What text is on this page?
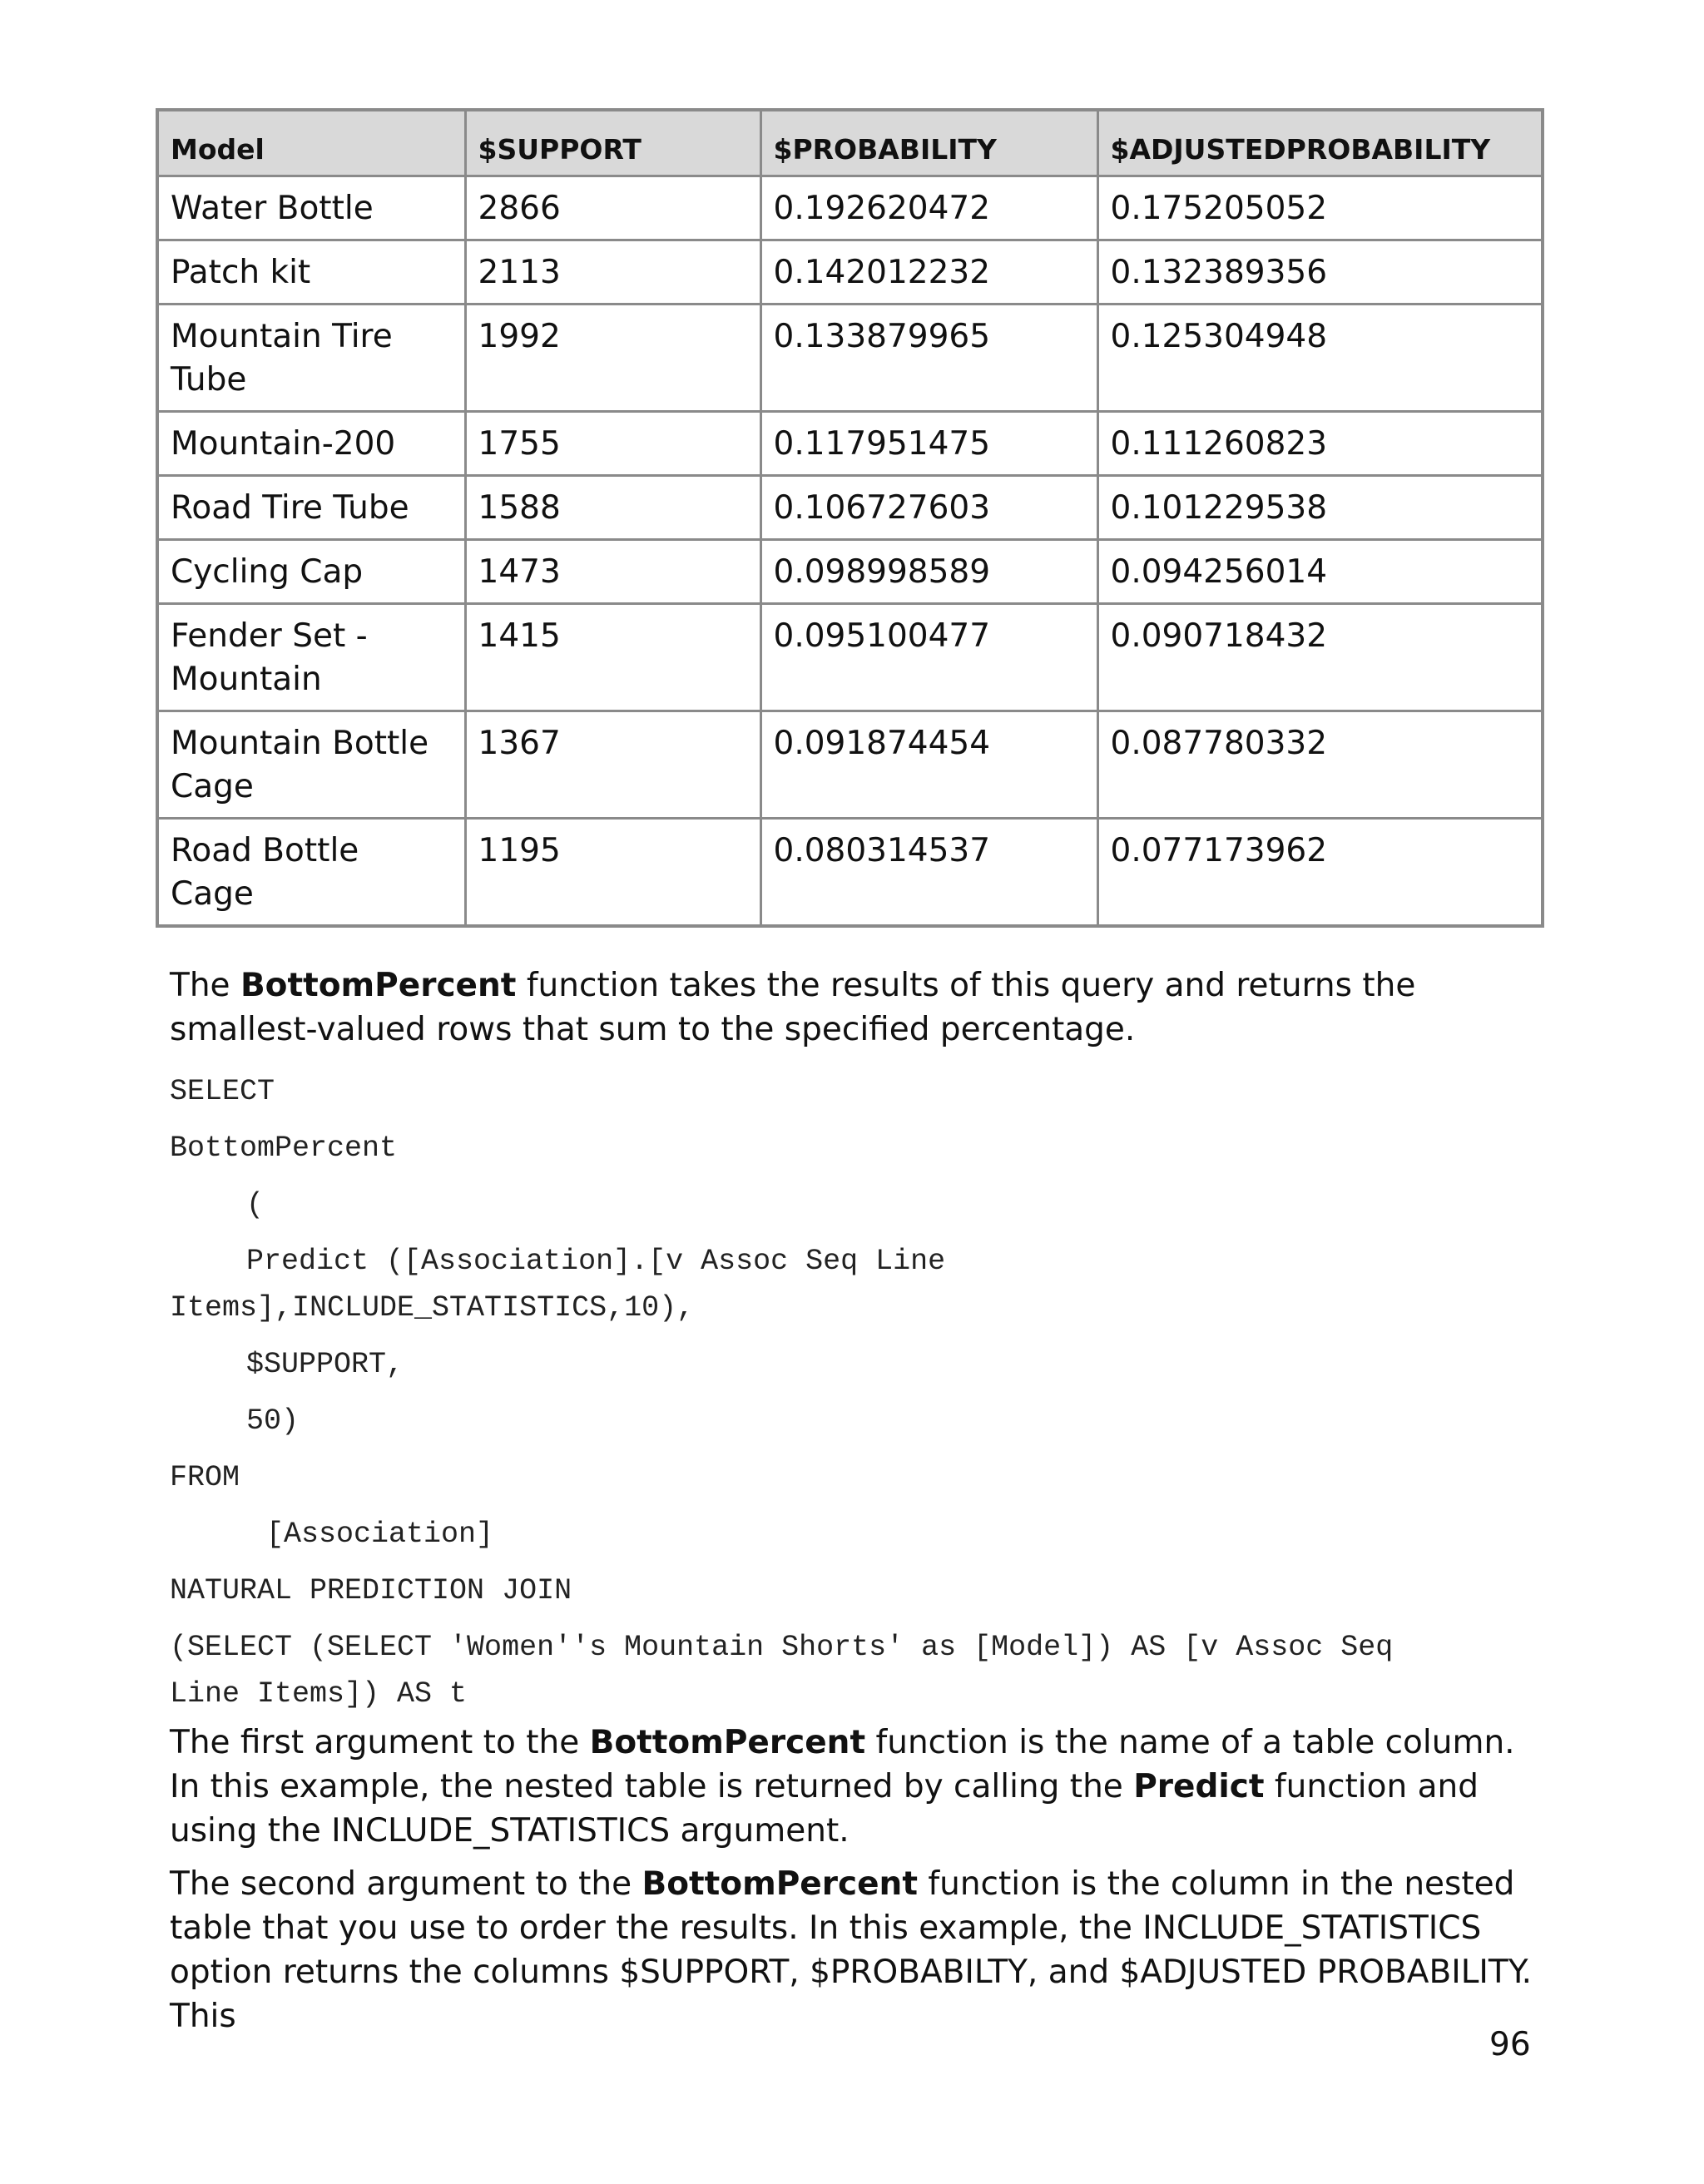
Model	$SUPPORT	$PROBABILITY	$ADJUSTEDPROBABILITY
Water Bottle	2866	0.192620472	0.175205052
Patch kit	2113	0.142012232	0.132389356
Mountain Tire Tube	1992	0.133879965	0.125304948
Mountain-200	1755	0.117951475	0.111260823
Road Tire Tube	1588	0.106727603	0.101229538
Cycling Cap	1473	0.098998589	0.094256014
Fender Set - Mountain	1415	0.095100477	0.090718432
Mountain Bottle Cage	1367	0.091874454	0.087780332
Road Bottle Cage	1195	0.080314537	0.077173962

The BottomPercent function takes the results of this query and returns the smallest-valued rows that sum to the specified percentage.

SELECT
BottomPercent
(
Predict ([Association].[v Assoc Seq Line
Items],INCLUDE_STATISTICS,10),
$SUPPORT,
50)
FROM
[Association]
NATURAL PREDICTION JOIN
(SELECT (SELECT 'Women''s Mountain Shorts' as [Model]) AS [v Assoc Seq
Line Items]) AS t

The first argument to the BottomPercent function is the name of a table column. In this example, the nested table is returned by calling the Predict function and using the INCLUDE_STATISTICS argument.

The second argument to the BottomPercent function is the column in the nested table that you use to order the results. In this example, the INCLUDE_STATISTICS option returns the columns $SUPPORT, $PROBABILTY, and $ADJUSTED PROBABILITY. This

96
